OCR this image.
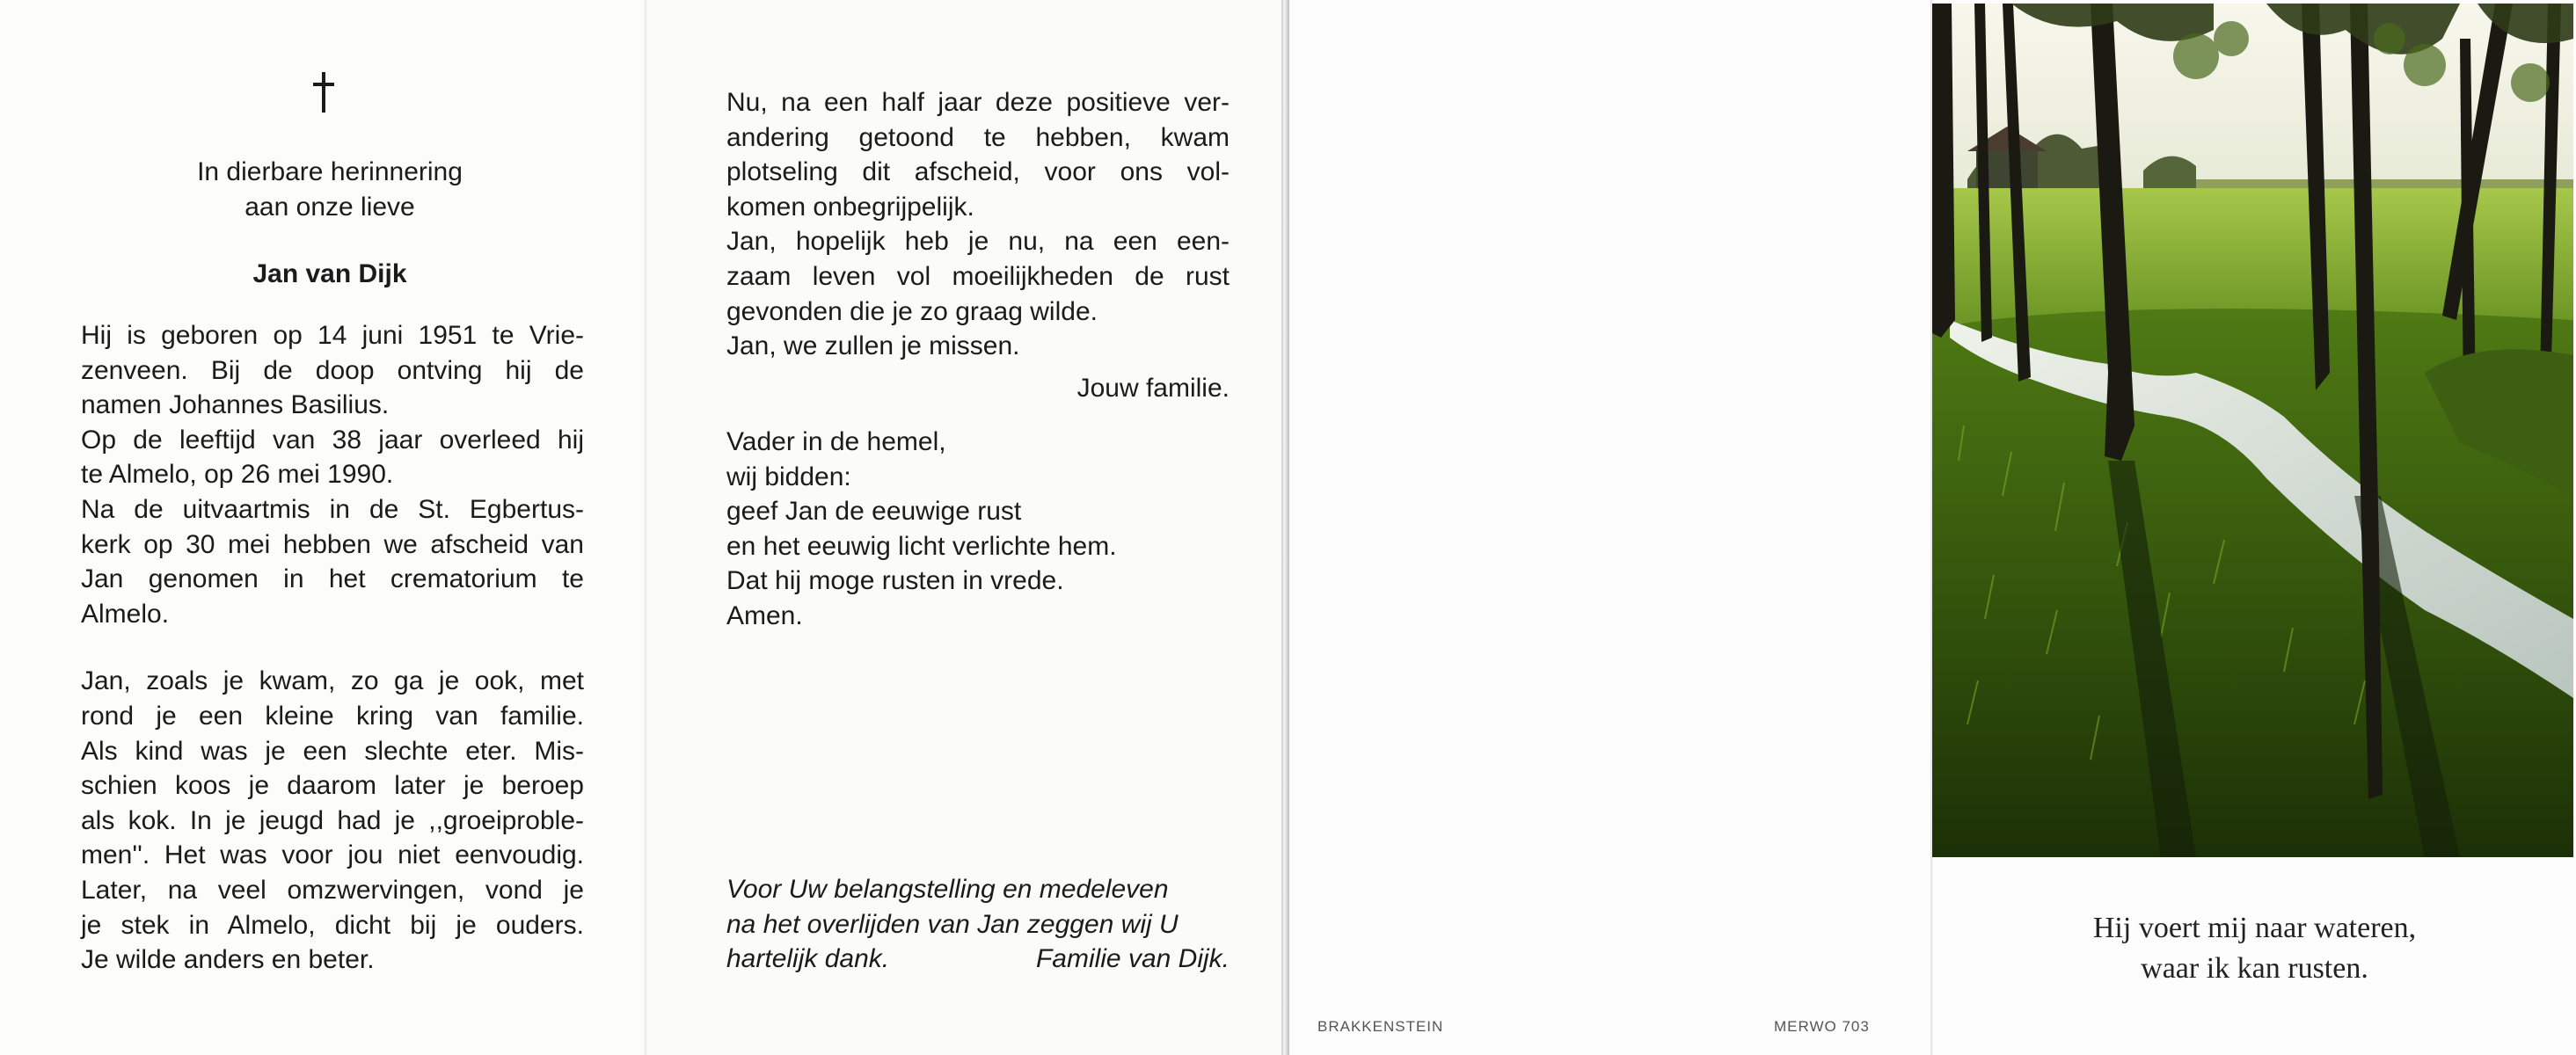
In dierbare herinnering
aan onze lieve
Jan van Dijk
Hij is geboren op 14 juni 1951 te Vrie-
zenveen. Bij de doop ontving hij de
namen Johannes Basilius.
Op de leeftijd van 38 jaar overleed hij
te Almelo, op 26 mei 1990.
Na de uitvaartmis in de St. Egbertus-
kerk op 30 mei hebben we afscheid van
Jan genomen in het crematorium te
Almelo.
Jan, zoals je kwam, zo ga je ook, met
rond je een kleine kring van familie.
Als kind was je een slechte eter. Mis-
schien koos je daarom later je beroep
als kok. In je jeugd had je ,,groeiproble-
men''. Het was voor jou niet eenvoudig.
Later, na veel omzwervingen, vond je
je stek in Almelo, dicht bij je ouders.
Je wilde anders en beter.
Nu, na een half jaar deze positieve ver-
andering getoond te hebben, kwam
plotseling dit afscheid, voor ons vol-
komen onbegrijpelijk.
Jan, hopelijk heb je nu, na een een-
zaam leven vol moeilijkheden de rust
gevonden die je zo graag wilde.
Jan, we zullen je missen.
Jouw familie.
Vader in de hemel,
wij bidden:
geef Jan de eeuwige rust
en het eeuwig licht verlichte hem.
Dat hij moge rusten in vrede.
Amen.
Voor Uw belangstelling en medeleven
na het overlijden van Jan zeggen wij U
hartelijk dank.	Familie van Dijk.
BRAKKENSTEIN	MERWO 703
Hij voert mij naar wateren,
waar ik kan rusten.
